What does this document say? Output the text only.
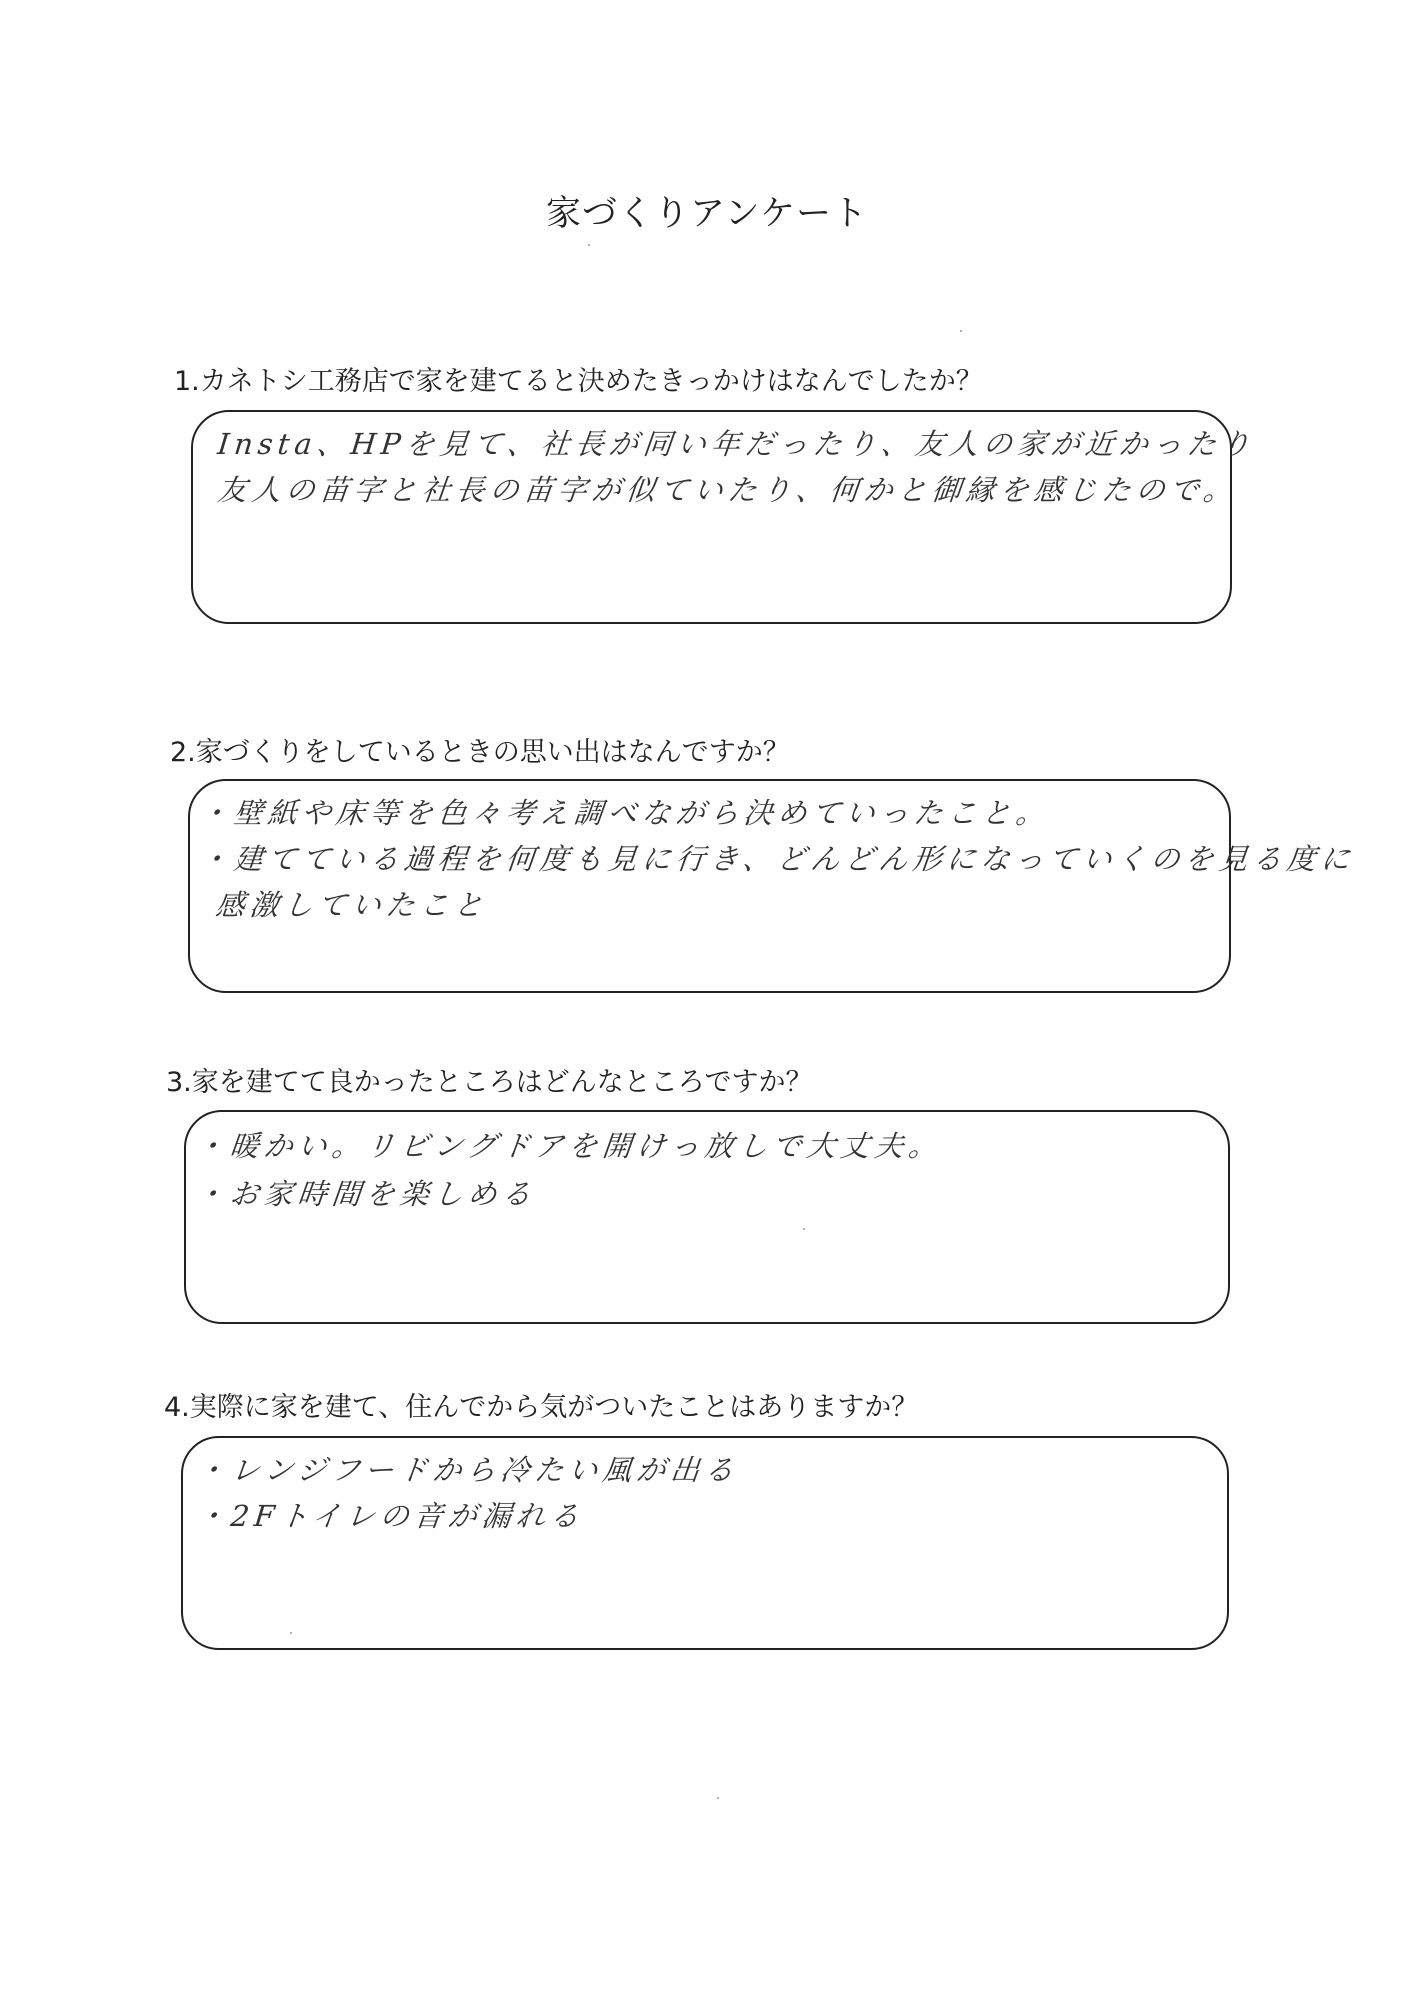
家づくりアンケート
1.カネトシ工務店で家を建てると決めたきっかけはなんでしたか？
Insta、HPを見て、社長が同い年だったり、友人の家が近かったり
友人の苗字と社長の苗字が似ていたり、何かと御縁を感じたので。
2.家づくりをしているときの思い出はなんですか？
・壁紙や床等を色々考え調べながら決めていったこと。
・建てている過程を何度も見に行き、どんどん形になっていくのを見る度に
感激していたこと
3.家を建てて良かったところはどんなところですか？
・暖かい。リビングドアを開けっ放しで大丈夫。
・お家時間を楽しめる
4.実際に家を建て、住んでから気がついたことはありますか？
・レンジフードから冷たい風が出る
・2Fトイレの音が漏れる
